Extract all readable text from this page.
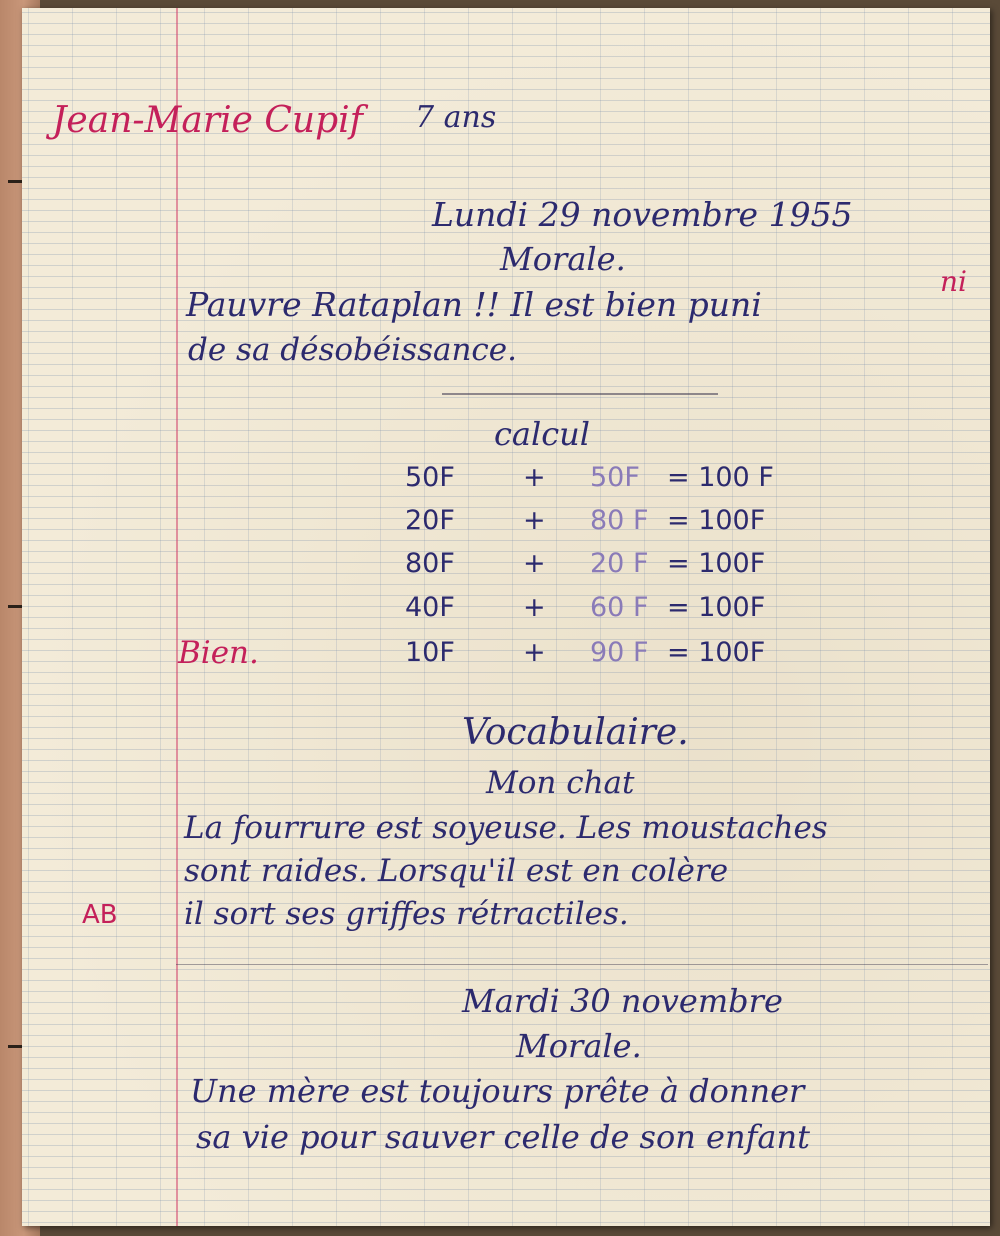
Jean-Marie Cupif 7 ans
Lundi 29 novembre 1955
Morale.
ni
Pauvre Rataplan !! Il est bien puni
de sa désobéissance.
calcul
50F	+ 50F = 100 F
20F	+ 80 F = 100F
80F	+ 20 F = 100F
40F	+ 60 F = 100F
10F	+ 90 F = 100F
Bien.
Vocabulaire.
Mon chat
La fourrure est soyeuse. Les moustaches
sont raides. Lorsqu'il est en colère
il sort ses griffes rétractiles.
AB
Mardi 30 novembre
Morale.
Une mère est toujours prête à donner
sa vie pour sauver celle de son enfant
